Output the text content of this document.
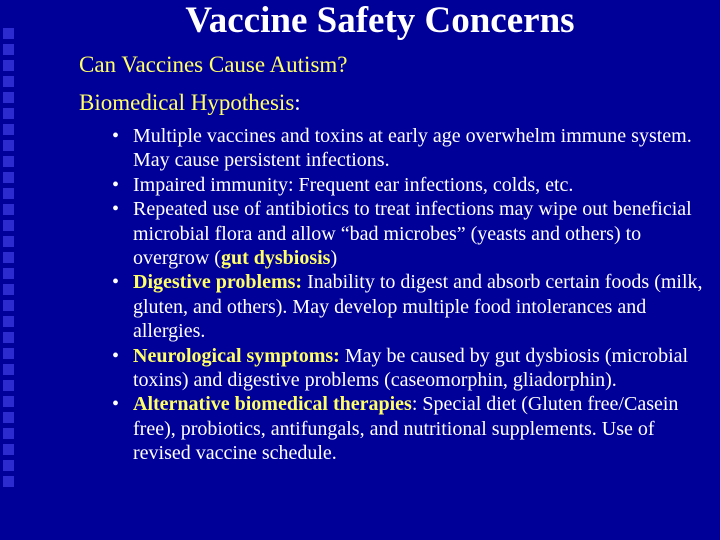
Vaccine Safety Concerns
Can Vaccines Cause Autism?
Biomedical Hypothesis:
• Multiple vaccines and toxins at early age overwhelm immune system. May cause persistent infections.
• Impaired immunity: Frequent ear infections, colds, etc.
• Repeated use of antibiotics to treat infections may wipe out beneficial microbial flora and allow “bad microbes” (yeasts and others) to overgrow (gut dysbiosis)
• Digestive problems: Inability to digest and absorb certain foods (milk, gluten, and others). May develop multiple food intolerances and allergies.
• Neurological symptoms: May be caused by gut dysbiosis (microbial toxins) and digestive problems (caseomorphin, gliadorphin).
• Alternative biomedical therapies: Special diet (Gluten free/Casein free), probiotics, antifungals, and nutritional supplements. Use of revised vaccine schedule.
